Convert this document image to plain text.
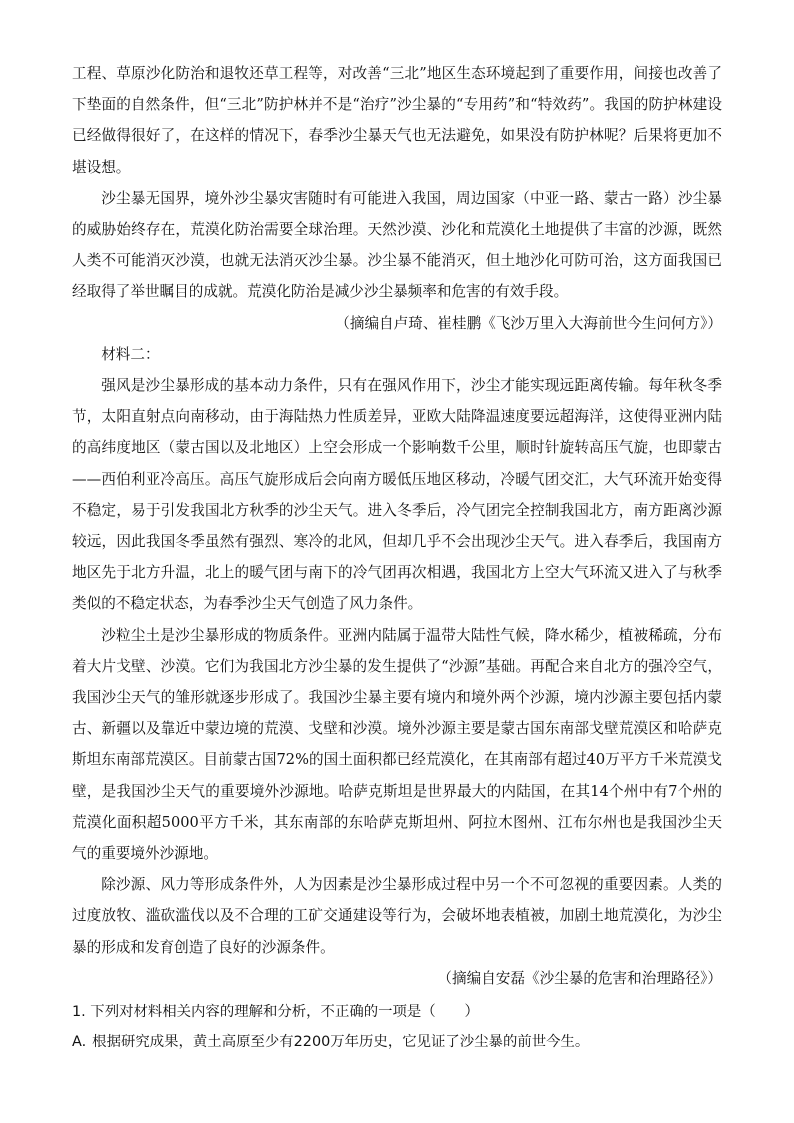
工程、草原沙化防治和退牧还草工程等，对改善“三北”地区生态环境起到了重要作用，间接也改善了下垫面的自然条件，但“三北”防护林并不是“治疗”沙尘暴的“专用药”和“特效药”。我国的防护林建设已经做得很好了，在这样的情况下，春季沙尘暴天气也无法避免，如果没有防护林呢？后果将更加不堪设想。

沙尘暴无国界，境外沙尘暴灾害随时有可能进入我国，周边国家（中亚一路、蒙古一路）沙尘暴的威胁始终存在，荒漠化防治需要全球治理。天然沙漠、沙化和荒漠化土地提供了丰富的沙源，既然人类不可能消灭沙漠，也就无法消灭沙尘暴。沙尘暴不能消灭，但土地沙化可防可治，这方面我国已经取得了举世瞩目的成就。荒漠化防治是减少沙尘暴频率和危害的有效手段。

（摘编自卢琦、崔桂鹏《飞沙万里入大海前世今生问何方》）

材料二：

强风是沙尘暴形成的基本动力条件，只有在强风作用下，沙尘才能实现远距离传输。每年秋冬季节，太阳直射点向南移动，由于海陆热力性质差异，亚欧大陆降温速度要远超海洋，这使得亚洲内陆的高纬度地区（蒙古国以及北地区）上空会形成一个影响数千公里，顺时针旋转高压气旋，也即蒙古——西伯利亚冷高压。高压气旋形成后会向南方暖低压地区移动，冷暖气团交汇，大气环流开始变得不稳定，易于引发我国北方秋季的沙尘天气。进入冬季后，冷气团完全控制我国北方，南方距离沙源较远，因此我国冬季虽然有强烈、寒冷的北风，但却几乎不会出现沙尘天气。进入春季后，我国南方地区先于北方升温，北上的暖气团与南下的冷气团再次相遇，我国北方上空大气环流又进入了与秋季类似的不稳定状态，为春季沙尘天气创造了风力条件。

沙粒尘土是沙尘暴形成的物质条件。亚洲内陆属于温带大陆性气候，降水稀少，植被稀疏，分布着大片戈壁、沙漠。它们为我国北方沙尘暴的发生提供了“沙源”基础。再配合来自北方的强冷空气，我国沙尘天气的雏形就逐步形成了。我国沙尘暴主要有境内和境外两个沙源，境内沙源主要包括内蒙古、新疆以及靠近中蒙边境的荒漠、戈壁和沙漠。境外沙源主要是蒙古国东南部戈壁荒漠区和哈萨克斯坦东南部荒漠区。目前蒙古国72%的国土面积都已经荒漠化，在其南部有超过40万平方千米荒漠戈壁，是我国沙尘天气的重要境外沙源地。哈萨克斯坦是世界最大的内陆国，在其14个州中有7个州的荒漠化面积超5000平方千米，其东南部的东哈萨克斯坦州、阿拉木图州、江布尔州也是我国沙尘天气的重要境外沙源地。

除沙源、风力等形成条件外，人为因素是沙尘暴形成过程中另一个不可忽视的重要因素。人类的过度放牧、滥砍滥伐以及不合理的工矿交通建设等行为，会破坏地表植被，加剧土地荒漠化，为沙尘暴的形成和发育创造了良好的沙源条件。

（摘编自安磊《沙尘暴的危害和治理路径》）

1. 下列对材料相关内容的理解和分析，不正确的一项是（　　）

A. 根据研究成果，黄土高原至少有2200万年历史，它见证了沙尘暴的前世今生。
